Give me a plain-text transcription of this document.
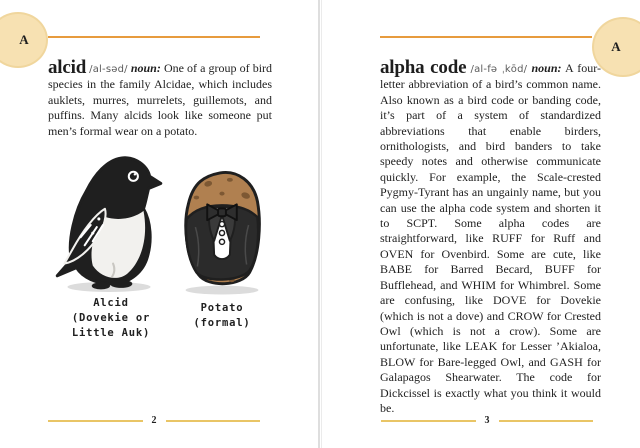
A	A

alcid /al-səd/ noun: One of a group of bird species in the family Alcidae, which includes auklets, murres, murrelets, guillemots, and puffins. Many alcids look like someone put men’s formal wear on a potato.

Alcid
(Dovekie or
Little Auk)
Potato
(formal)

alpha code /al-fə ˌkōd/ noun: A four-letter abbreviation of a bird’s common name. Also known as a bird code or banding code, it’s part of a system of standardized abbreviations that enable birders, ornithologists, and bird banders to take speedy notes and otherwise communicate quickly. For example, the Scale-crested Pygmy-Tyrant has an ungainly name, but you can use the alpha code system and shorten it to SCPT. Some alpha codes are straightforward, like RUFF for Ruff and OVEN for Ovenbird. Some are cute, like BABE for Barred Becard, BUFF for Bufflehead, and WHIM for Whimbrel. Some are confusing, like DOVE for Dovekie (which is not a dove) and CROW for Crested Owl (which is not a crow). Some are unfortunate, like LEAK for Lesser ’Akialoa, BLOW for Bare-legged Owl, and GASH for Galapagos Shearwater. The code for Dickcissel is exactly what you think it would be.

2	3
